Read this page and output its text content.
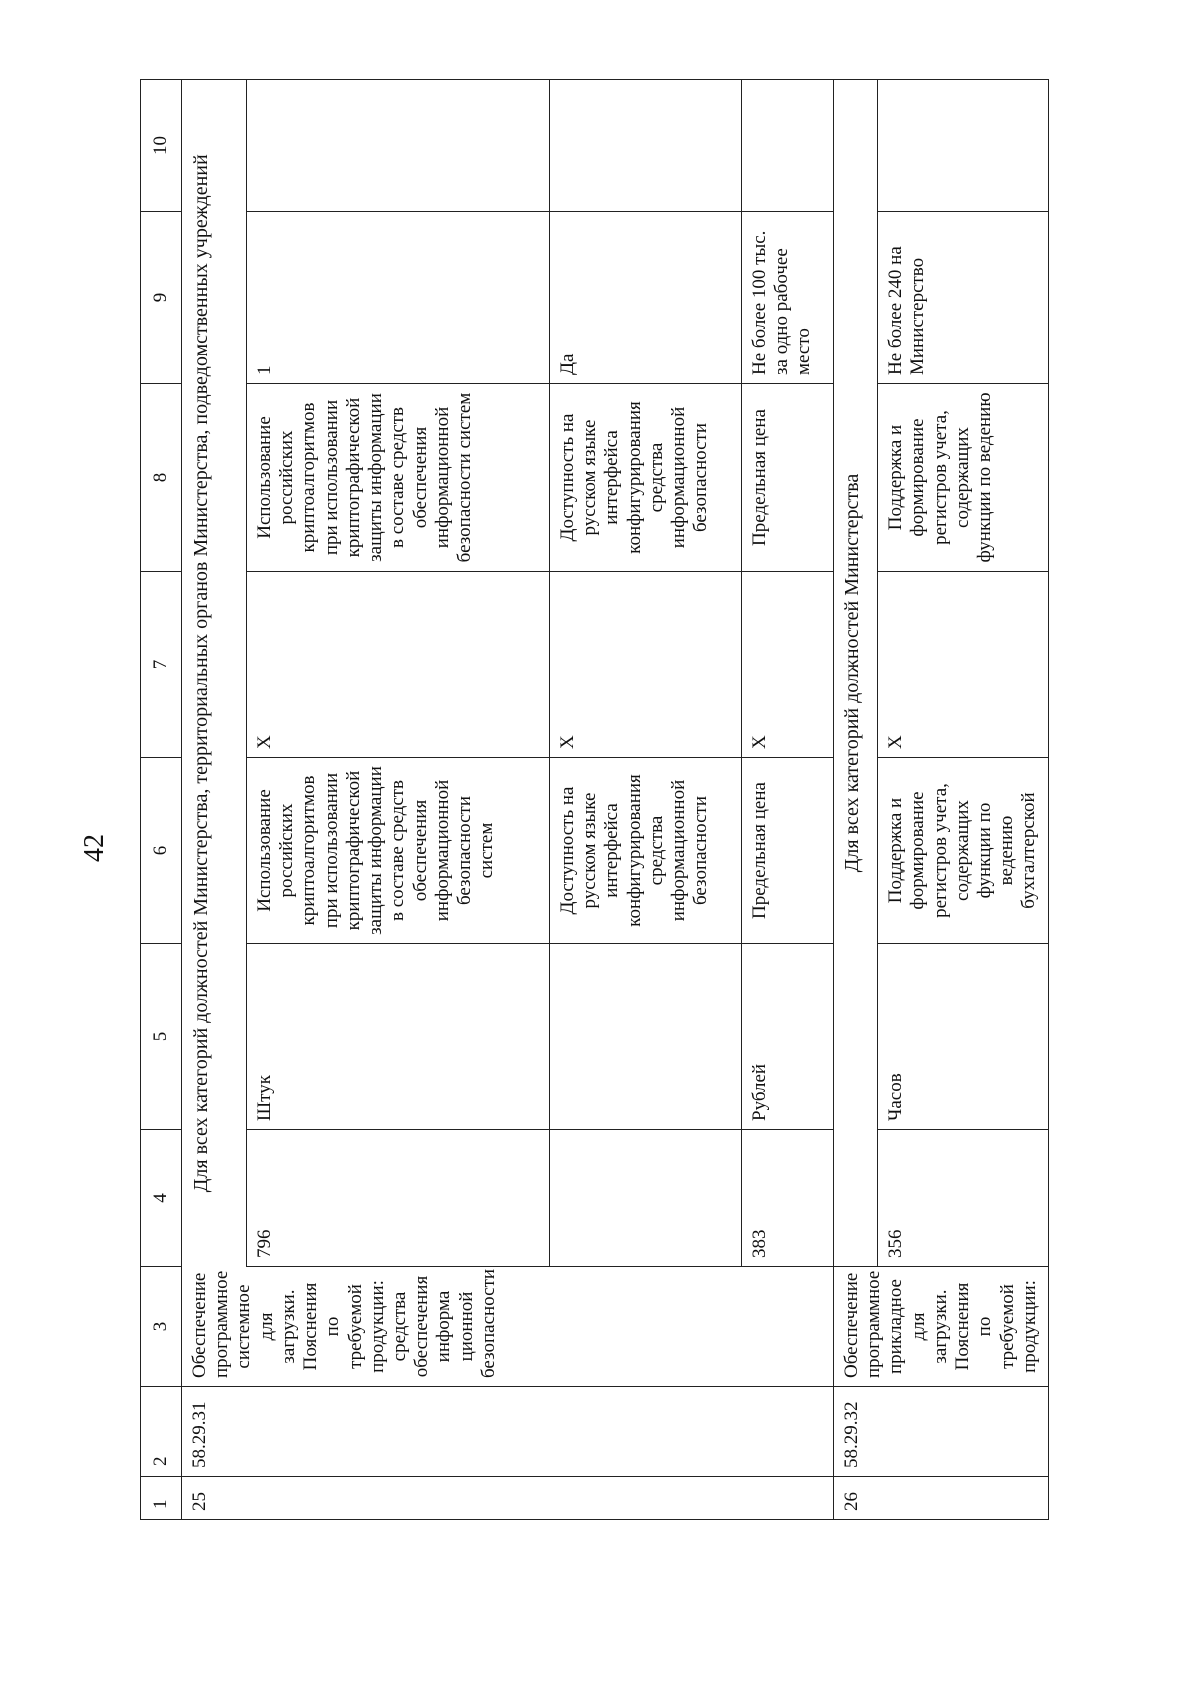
42
1	2	3	4	5	6	7	8	9	10
25	58.29.31	Обеспечение программное системное для загрузки. Пояснения по требуемой продукции: средства обеспечения информа ционной безопасности	Для всех категорий должностей Министерства, территориальных органов Министерства, подведомственных учреждений						
			796	Штук	Использование российских криптоалгоритмов при использовании криптографической защиты информации в составе средств обеспечения информационной безопасности систем	X	Использование российских криптоалгоритмов при использовании криптографической защиты информации в составе средств обеспечения информационной безопасности систем	1	
					Доступность на русском языке интерфейса конфигурирования средства информационной безопасности	X	Доступность на русском языке интерфейса конфигурирования средства информационной безопасности	Да	
			383	Рублей	Предельная цена	X	Предельная цена	Не более 100 тыс. за одно рабочее место	
26	58.29.32	Обеспечение программное прикладное для загрузки. Пояснения по требуемой продукции:	Для всех категорий должностей Министерства						
			356	Часов	Поддержка и формирование регистров учета, содержащих функции по ведению бухгалтерской	X	Поддержка и формирование регистров учета, содержащих функции по ведению	Не более 240 на Министерство	
